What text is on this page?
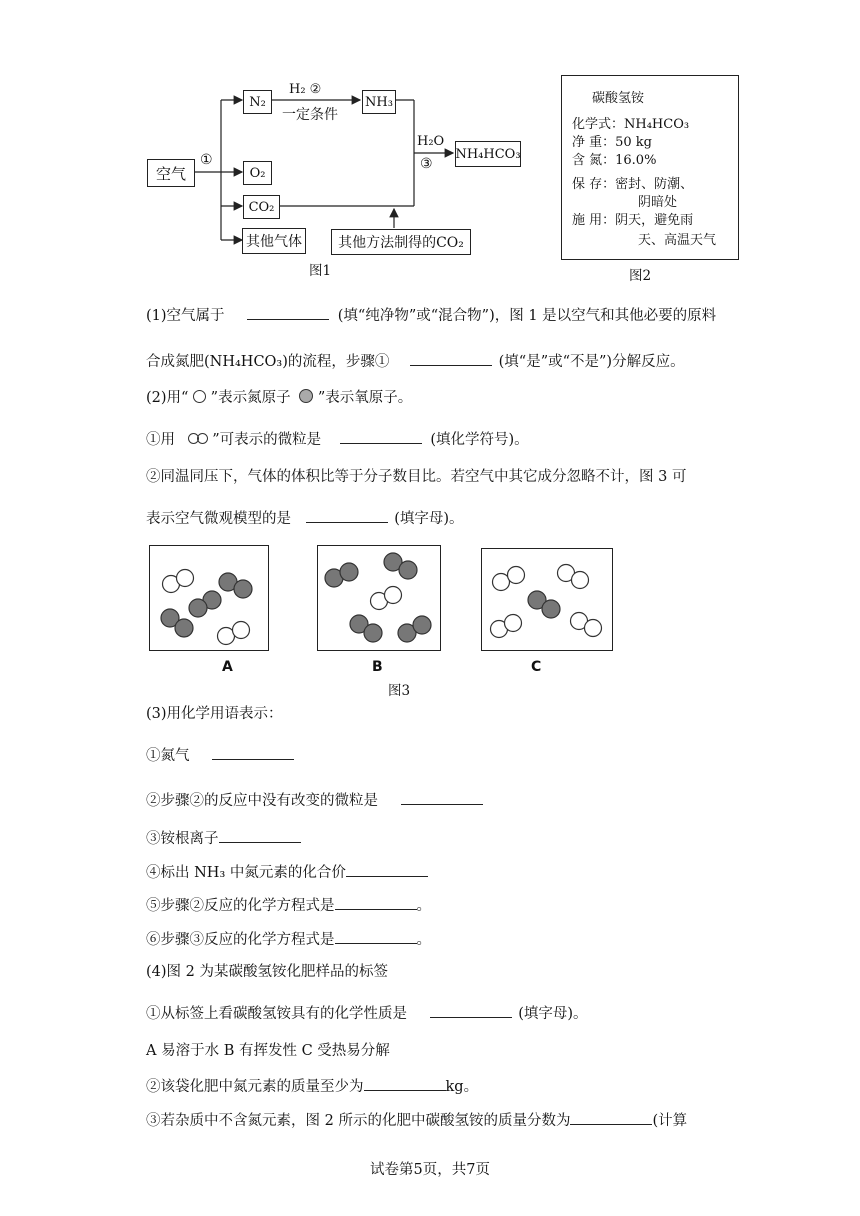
空气
N₂
O₂
CO₂
其他气体
NH₃
NH₄HCO₃
其他方法制得的CO₂
①
H₂ ②
一定条件
H₂O
③
图1
碳酸氢铵
化学式：NH₄HCO₃
净 重：50 kg
含 氮：16.0%
保 存：密封、防潮、
阴暗处
施 用：阴天，避免雨
天、高温天气
图2
(1)空气属于	(填“纯净物”或“混合物”)，图 1 是以空气和其他必要的原料
合成氮肥(NH₄HCO₃)的流程，步骤①	(填“是”或“不是”)分解反应。
(2)用“ ”表示氮原子 ”表示氧原子。
①用	”可表示的微粒是	(填化学符号)。
②同温同压下，气体的体积比等于分子数目比。若空气中其它成分忽略不计，图 3 可
表示空气微观模型的是	(填字母)。
A	B	C
图3
(3)用化学用语表示：
①氮气
②步骤②的反应中没有改变的微粒是
③铵根离子
④标出 NH₃ 中氮元素的化合价
⑤步骤②反应的化学方程式是	。
⑥步骤③反应的化学方程式是	。
(4)图 2 为某碳酸氢铵化肥样品的标签
①从标签上看碳酸氢铵具有的化学性质是	(填字母)。
A 易溶于水 B 有挥发性 C 受热易分解
②该袋化肥中氮元素的质量至少为	kg。
③若杂质中不含氮元素，图 2 所示的化肥中碳酸氢铵的质量分数为	(计算
试卷第5页，共7页
